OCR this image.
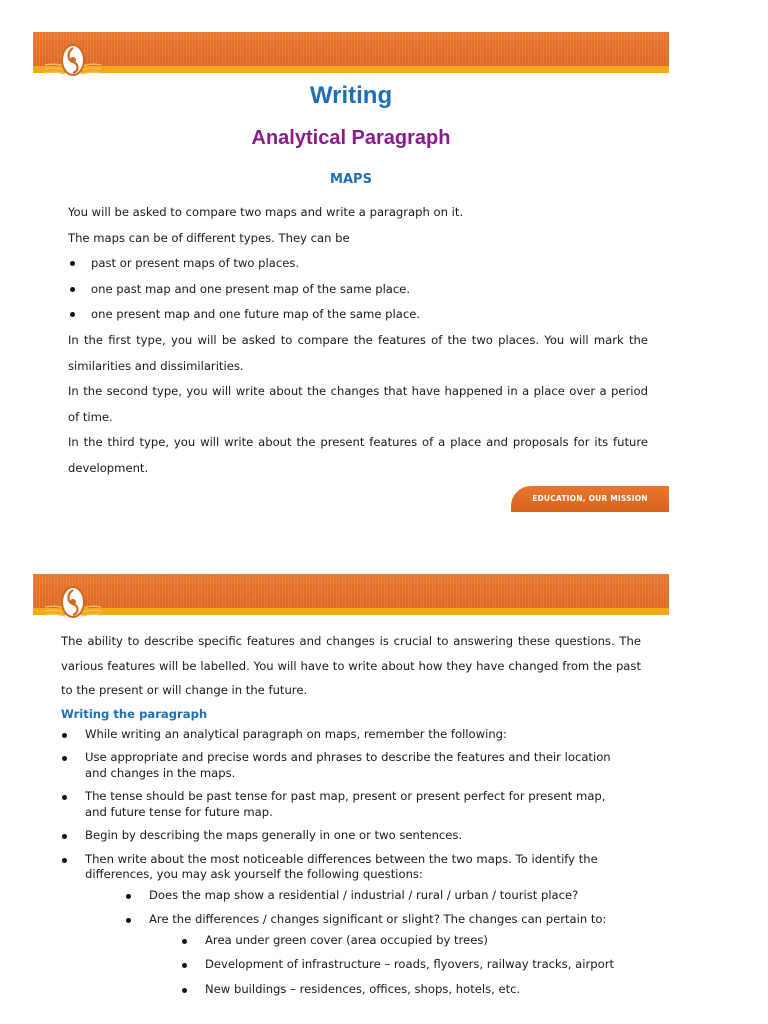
Writing
Analytical Paragraph
MAPS

You will be asked to compare two maps and write a paragraph on it.

The maps can be of different types. They can be

past or present maps of two places.
one past map and one present map of the same place.
one present map and one future map of the same place.

In the first type, you will be asked to compare the features of the two places. You will mark the similarities and dissimilarities.

In the second type, you will write about the changes that have happened in a place over a period of time.

In the third type, you will write about the present features of a place and proposals for its future development.

EDUCATION, OUR MISSION

The ability to describe specific features and changes is crucial to answering these questions. The various features will be labelled. You will have to write about how they have changed from the past to the present or will change in the future.

Writing the paragraph
While writing an analytical paragraph on maps, remember the following:
Use appropriate and precise words and phrases to describe the features and their location and changes in the maps.
The tense should be past tense for past map, present or present perfect for present map, and future tense for future map.
Begin by describing the maps generally in one or two sentences.
Then write about the most noticeable differences between the two maps. To identify the differences, you may ask yourself the following questions:
Does the map show a residential / industrial / rural / urban / tourist place?
Are the differences / changes significant or slight? The changes can pertain to:
Area under green cover (area occupied by trees)
Development of infrastructure – roads, flyovers, railway tracks, airport
New buildings – residences, offices, shops, hotels, etc.
